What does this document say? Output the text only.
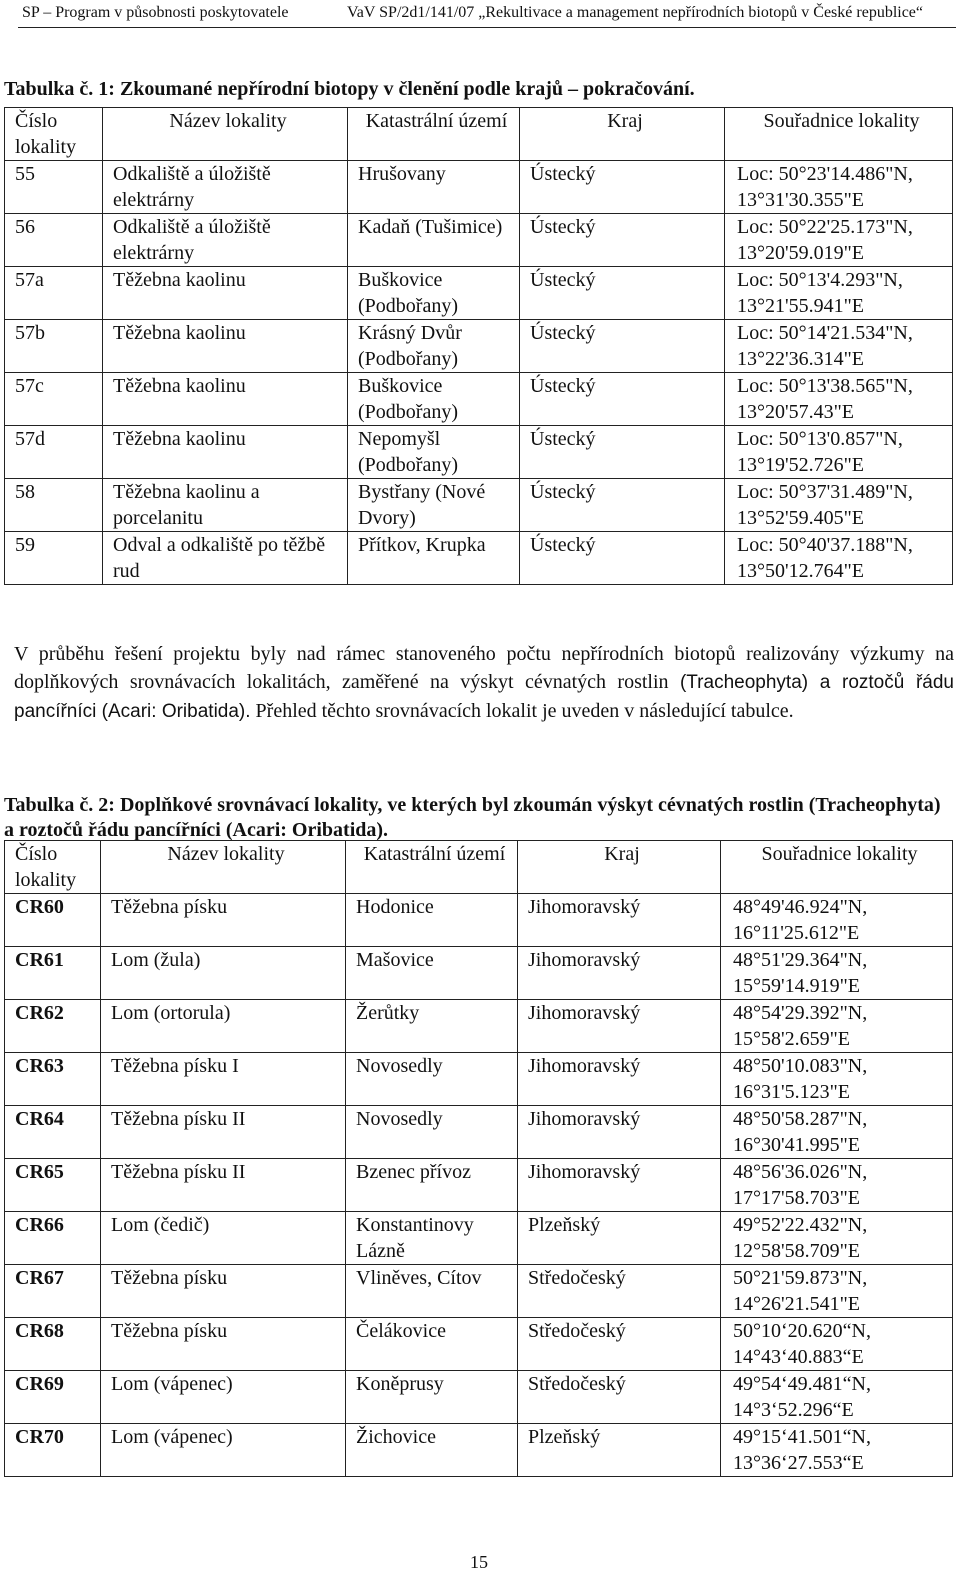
SP – Program v působnosti poskytovatele	VaV SP/2d1/141/07 „Rekultivace a management nepřírodních biotopů v České republice“

Tabulka č. 1: Zkoumané nepřírodní biotopy v členění podle krajů – pokračování.

Číslo lokality	Název lokality	Katastrální území	Kraj	Souřadnice lokality
55	Odkaliště a úložiště elektrárny	Hrušovany	Ústecký	Loc: 50°23'14.486"N, 13°31'30.355"E
56	Odkaliště a úložiště elektrárny	Kadaň (Tušimice)	Ústecký	Loc: 50°22'25.173"N, 13°20'59.019"E
57a	Těžebna kaolinu	Buškovice (Podbořany)	Ústecký	Loc: 50°13'4.293"N, 13°21'55.941"E
57b	Těžebna kaolinu	Krásný Dvůr (Podbořany)	Ústecký	Loc: 50°14'21.534"N, 13°22'36.314"E
57c	Těžebna kaolinu	Buškovice (Podbořany)	Ústecký	Loc: 50°13'38.565"N, 13°20'57.43"E
57d	Těžebna kaolinu	Nepomyšl (Podbořany)	Ústecký	Loc: 50°13'0.857"N, 13°19'52.726"E
58	Těžebna kaolinu a porcelanitu	Bystřany (Nové Dvory)	Ústecký	Loc: 50°37'31.489"N, 13°52'59.405"E
59	Odval a odkaliště po těžbě rud	Přítkov, Krupka	Ústecký	Loc: 50°40'37.188"N, 13°50'12.764"E

V průběhu řešení projektu byly nad rámec stanoveného počtu nepřírodních biotopů realizovány výzkumy na doplňkových srovnávacích lokalitách, zaměřené na výskyt cévnatých rostlin (Tracheophyta) a roztočů řádu pancířníci (Acari: Oribatida). Přehled těchto srovnávacích lokalit je uveden v následující tabulce.

Tabulka č. 2: Doplňkové srovnávací lokality, ve kterých byl zkoumán výskyt cévnatých rostlin (Tracheophyta) a roztočů řádu pancířníci (Acari: Oribatida).

Číslo lokality	Název lokality	Katastrální území	Kraj	Souřadnice lokality
CR60	Těžebna písku	Hodonice	Jihomoravský	48°49'46.924"N, 16°11'25.612"E
CR61	Lom (žula)	Mašovice	Jihomoravský	48°51'29.364"N, 15°59'14.919"E
CR62	Lom (ortorula)	Žerůtky	Jihomoravský	48°54'29.392"N, 15°58'2.659"E
CR63	Těžebna písku I	Novosedly	Jihomoravský	48°50'10.083"N, 16°31'5.123"E
CR64	Těžebna písku II	Novosedly	Jihomoravský	48°50'58.287"N, 16°30'41.995"E
CR65	Těžebna písku II	Bzenec přívoz	Jihomoravský	48°56'36.026"N, 17°17'58.703"E
CR66	Lom (čedič)	Konstantinovy Lázně	Plzeňský	49°52'22.432"N, 12°58'58.709"E
CR67	Těžebna písku	Vliněves, Cítov	Středočeský	50°21'59.873"N, 14°26'21.541"E
CR68	Těžebna písku	Čelákovice	Středočeský	50°10‘20.620“N, 14°43‘40.883“E
CR69	Lom (vápenec)	Koněprusy	Středočeský	49°54‘49.481“N, 14°3‘52.296“E
CR70	Lom (vápenec)	Žichovice	Plzeňský	49°15‘41.501“N, 13°36‘27.553“E
15
